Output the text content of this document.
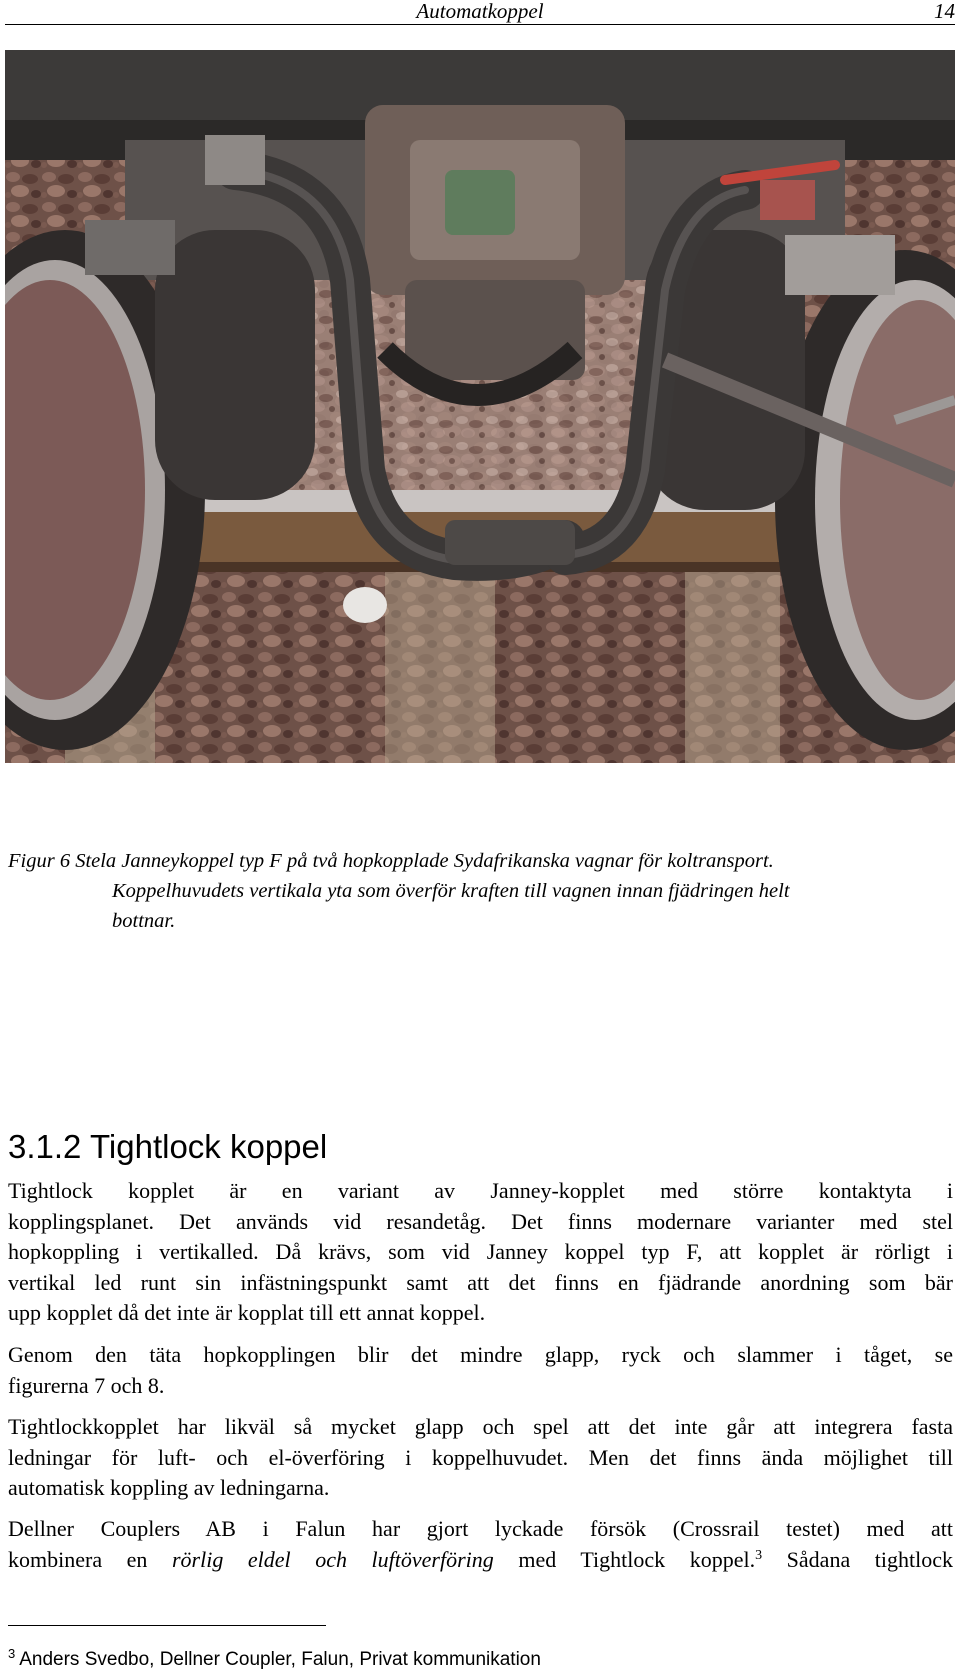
Automatkoppel	14
Figur 6 Stela Janneykoppel typ F på två hopkopplade Sydafrikanska vagnar för koltransport.
Koppelhuvudets vertikala yta som överför kraften till vagnen innan fjädringen helt
bottnar.
3.1.2 Tightlock koppel
Tightlock kopplet är en variant av Janney-kopplet med större kontaktyta i
kopplingsplanet. Det används vid resandetåg. Det finns modernare varianter med stel
hopkoppling i vertikalled. Då krävs, som vid Janney koppel typ F, att kopplet är rörligt i
vertikal led runt sin infästningspunkt samt att det finns en fjädrande anordning som bär
upp kopplet då det inte är kopplat till ett annat koppel.
Genom den täta hopkopplingen blir det mindre glapp, ryck och slammer i tåget, se
figurerna 7 och 8.
Tightlockkopplet har likväl så mycket glapp och spel att det inte går att integrera fasta
ledningar för luft- och el-överföring i koppelhuvudet. Men det finns ända möjlighet till
automatisk koppling av ledningarna.
Dellner Couplers AB i Falun har gjort lyckade försök (Crossrail testet) med att
kombinera en rörlig eldel och luftöverföring med Tightlock koppel.$^3$ Sådana tightlock
$^3$ Anders Svedbo, Dellner Coupler, Falun, Privat kommunikation
